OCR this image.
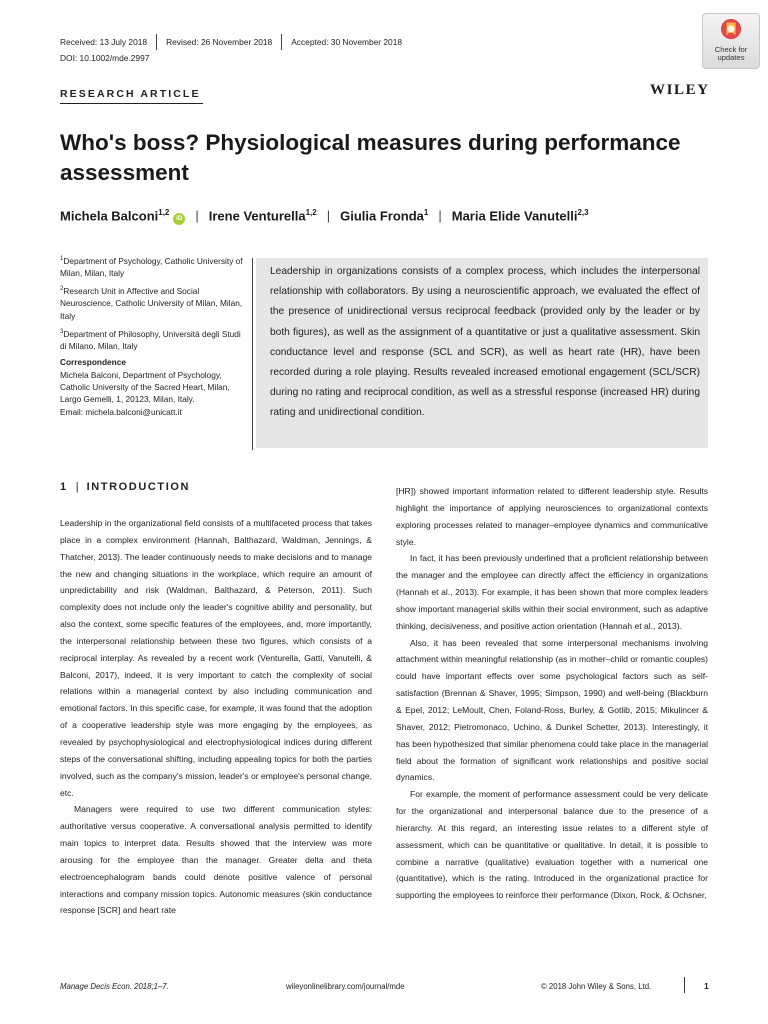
Received: 13 July 2018 Revised: 26 November 2018 Accepted: 30 November 2018
DOI: 10.1002/mde.2997
Check for
updates
RESEARCH ARTICLE	WILEY
Who's boss? Physiological measures during performance assessment
Michela Balconi$^{1,2}$
iD | Irene Venturella$^{1,2}$ | Giulia Fronda$^1$ | Maria Elide Vanutelli$^{2,3}$

$^1$Department of Psychology, Catholic University of Milan, Milan, Italy

$^2$Research Unit in Affective and Social Neuroscience, Catholic University of Milan, Milan, Italy

$^3$Department of Philosophy, Università degli Studi di Milano, Milan, Italy

Correspondence

Michela Balconi, Department of Psychology, Catholic University of the Sacred Heart, Milan, Largo Gemelli, 1, 20123, Milan, Italy.
Email: michela.balconi@unicatt.it

Leadership in organizations consists of a complex process, which includes the interpersonal relationship with collaborators. By using a neuroscientific approach, we evaluated the effect of the presence of unidirectional versus reciprocal feedback (provided only by the leader or by both figures), as well as the assignment of a quantitative or just a qualitative assessment. Skin conductance level and response (SCL and SCR), as well as heart rate (HR), have been recorded during a role playing. Results revealed increased emotional engagement (SCL/SCR) during no rating and reciprocal condition, as well as a stressful response (increased HR) during rating and unidirectional condition.
1 | INTRODUCTION

Leadership in the organizational field consists of a multifaceted process that takes place in a complex environment (Hannah, Balthazard, Waldman, Jennings, & Thatcher, 2013). The leader continuously needs to make decisions and to manage the new and changing situations in the workplace, which require an amount of unpredictability and risk (Waldman, Balthazard, & Peterson, 2011). Such complexity does not include only the leader's cognitive ability and personality, but also the context, some specific features of the employees, and, more importantly, the interpersonal relationship between these two figures, which consists of a reciprocal interplay. As revealed by a recent work (Venturella, Gatti, Vanutelli, & Balconi, 2017), indeed, it is very important to catch the complexity of social relations within a managerial context by also including communication and emotional factors. In this specific case, for example, it was found that the adoption of a cooperative leadership style was more engaging by the employees, as revealed by psychophysiological and electrophysiological indices during different steps of the conversational shifting, including appealing topics for both the parties involved, such as the company's mission, leader's or employee's personal change, etc.

Managers were required to use two different communication styles: authoritative versus cooperative. A conversational analysis permitted to identify main topics to interpret data. Results showed that the interview was more arousing for the employee than the manager. Greater delta and theta electroencephalogram bands could denote positive valence of personal interactions and company mission topics. Autonomic measures (skin conductance response [SCR] and heart rate

[HR]) showed important information related to different leadership style. Results highlight the importance of applying neurosciences to organizational contexts exploring processes related to manager–employee dynamics and communicative style.

In fact, it has been previously underlined that a proficient relationship between the manager and the employee can directly affect the efficiency in organizations (Hannah et al., 2013). For example, it has been shown that more complex leaders show important managerial skills within their social environment, such as adaptive thinking, decisiveness, and positive action orientation (Hannah et al., 2013).

Also, it has been revealed that some interpersonal mechanisms involving attachment within meaningful relationship (as in mother–child or romantic couples) could have important effects over some psychological factors such as self-satisfaction (Brennan & Shaver, 1995; Simpson, 1990) and well-being (Blackburn & Epel, 2012; LeMoult, Chen, Foland-Ross, Burley, & Gotlib, 2015; Mikulincer & Shaver, 2012; Pietromonaco, Uchino, & Dunkel Schetter, 2013). Interestingly, it has been hypothesized that similar phenomena could take place in the managerial field about the formation of significant work relationships and positive social dynamics.

For example, the moment of performance assessment could be very delicate for the organizational and interpersonal balance due to the presence of a hierarchy. At this regard, an interesting issue relates to a different style of assessment, which can be quantitative or qualitative. In detail, it is possible to combine a narrative (qualitative) evaluation together with a numerical one (quantitative), which is the rating. Introduced in the organizational practice for supporting the employees to reinforce their performance (Dixon, Rock, & Ochsner,

Manage Decis Econ. 2018;1–7.	wileyonlinelibrary.com/journal/mde	© 2018 John Wiley & Sons, Ltd.	1
